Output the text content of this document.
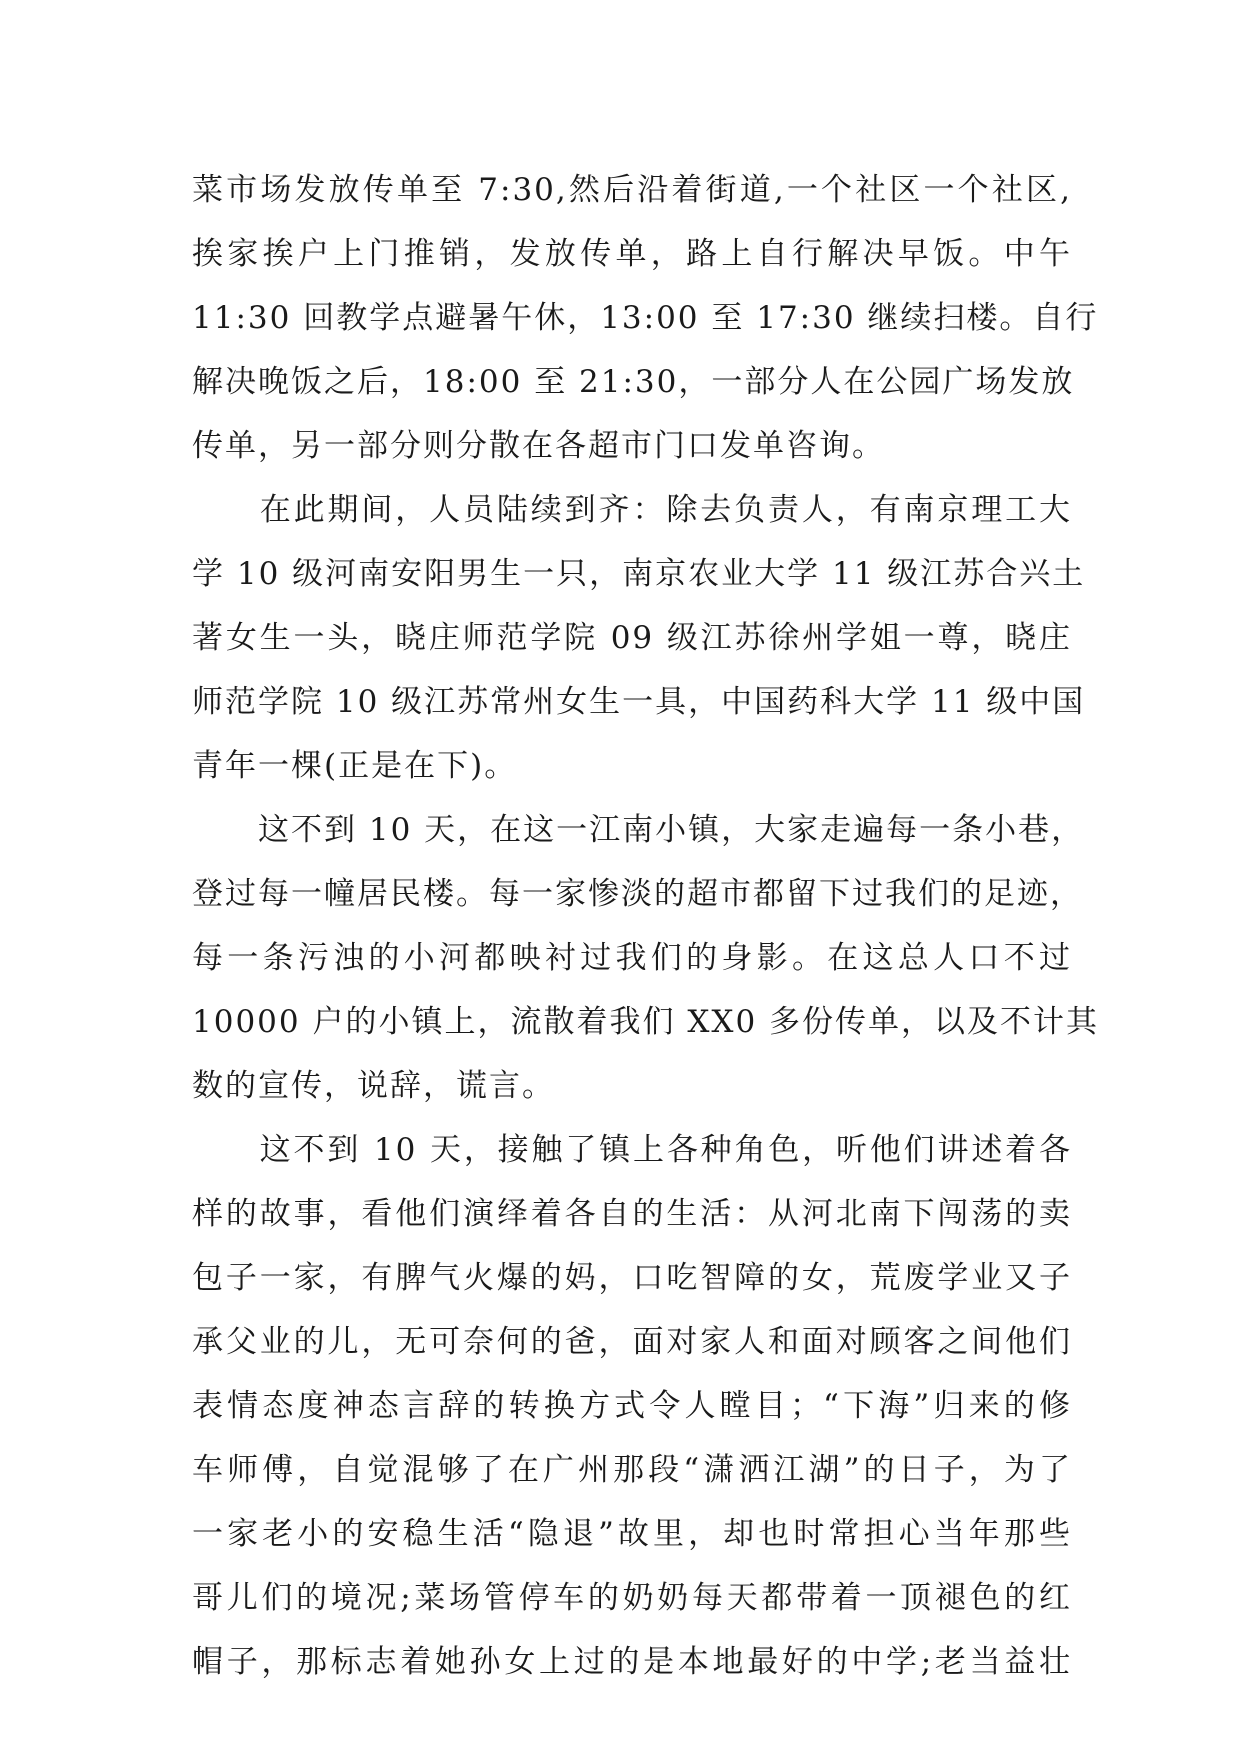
菜市场发放传单至 7:30,然后沿着街道,一个社区一个社区,
挨家挨户上门推销，发放传单，路上自行解决早饭。中午
11:30 回教学点避暑午休，13:00 至 17:30 继续扫楼。自行
解决晚饭之后，18:00 至 21:30，一部分人在公园广场发放
传单，另一部分则分散在各超市门口发单咨询。
　　在此期间，人员陆续到齐：除去负责人，有南京理工大
学 10 级河南安阳男生一只，南京农业大学 11 级江苏合兴土
著女生一头，晓庄师范学院 09 级江苏徐州学姐一尊，晓庄
师范学院 10 级江苏常州女生一具，中国药科大学 11 级中国
青年一棵(正是在下)。
　　这不到 10 天，在这一江南小镇，大家走遍每一条小巷，
登过每一幢居民楼。每一家惨淡的超市都留下过我们的足迹，
每一条污浊的小河都映衬过我们的身影。在这总人口不过
10000 户的小镇上，流散着我们 XX0 多份传单，以及不计其
数的宣传，说辞，谎言。
　　这不到 10 天，接触了镇上各种角色，听他们讲述着各
样的故事，看他们演绎着各自的生活：从河北南下闯荡的卖
包子一家，有脾气火爆的妈，口吃智障的女，荒废学业又子
承父业的儿，无可奈何的爸，面对家人和面对顾客之间他们
表情态度神态言辞的转换方式令人瞠目；“下海”归来的修
车师傅，自觉混够了在广州那段“潇洒江湖”的日子，为了
一家老小的安稳生活“隐退”故里，却也时常担心当年那些
哥儿们的境况;菜场管停车的奶奶每天都带着一顶褪色的红
帽子，那标志着她孙女上过的是本地最好的中学;老当益壮
